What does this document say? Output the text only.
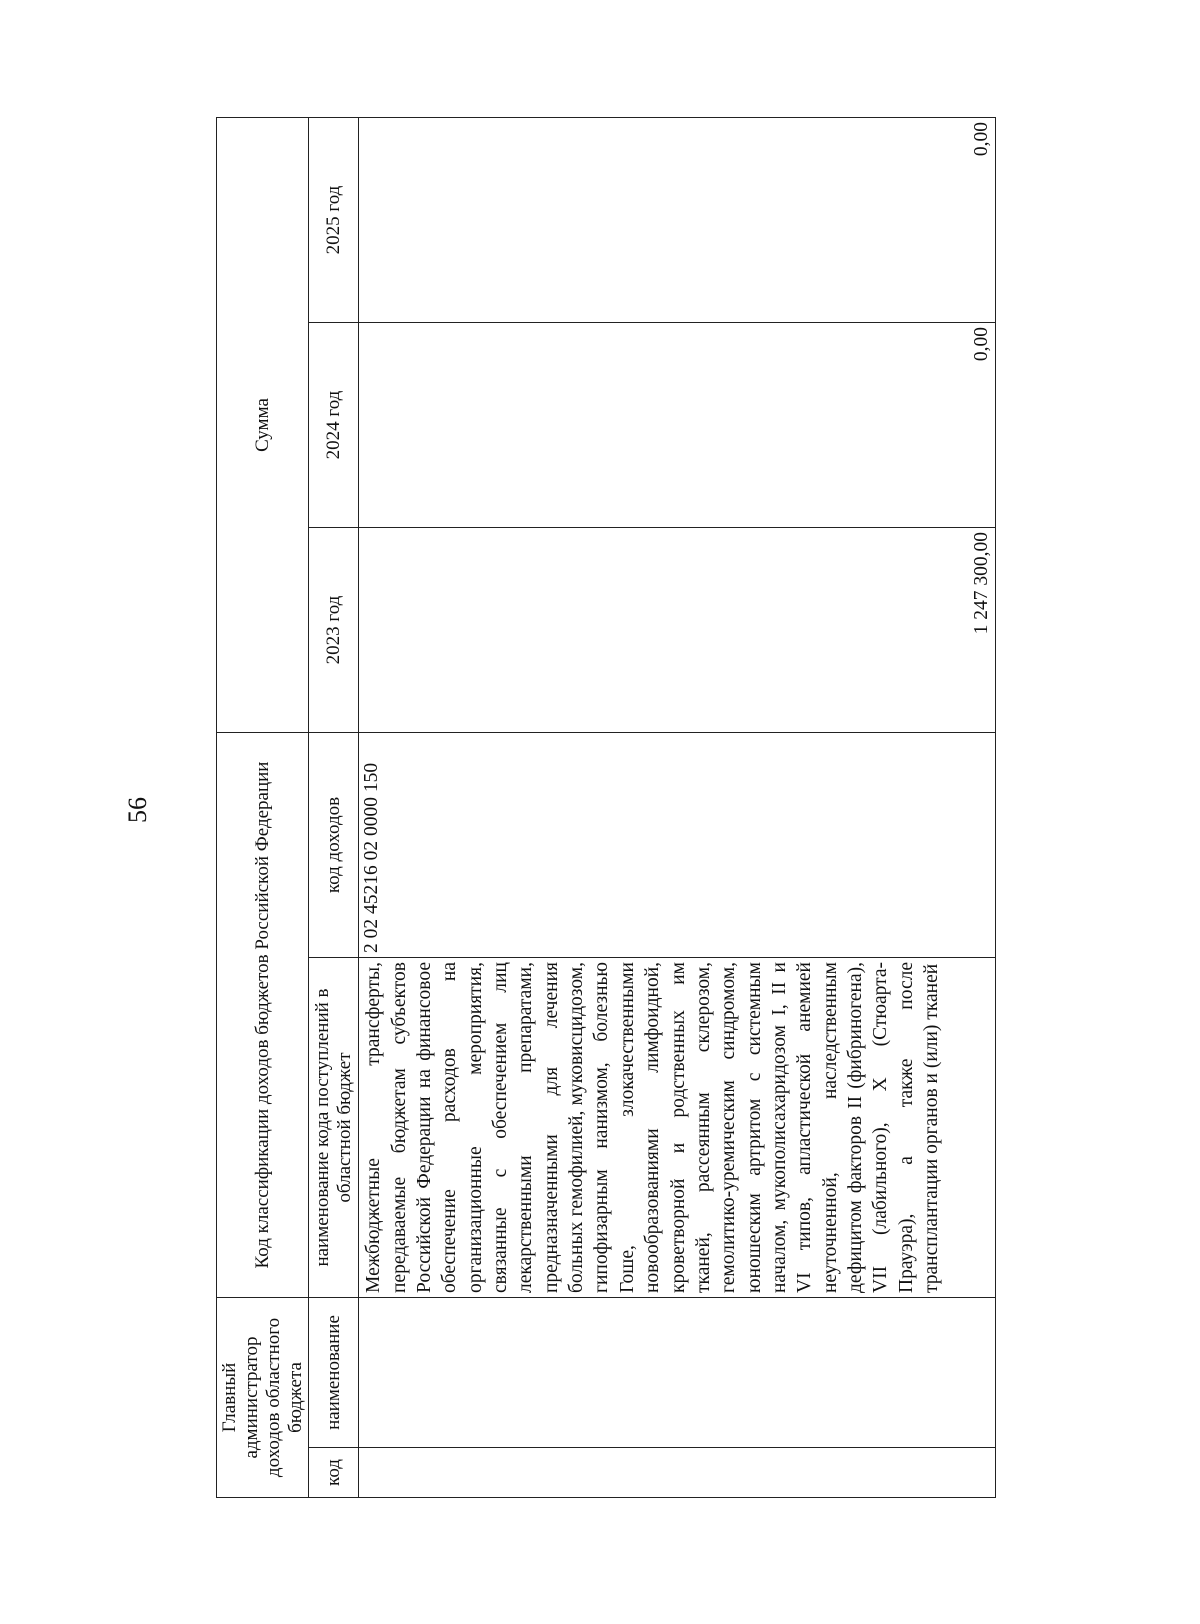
56
Главный администратор доходов областного бюджета		Код классификации доходов бюджетов Российской Федерации		Сумма		
код	наименование	наименование кода поступлений в областной бюджет	код доходов	2023 год	2024 год	2025 год
		Межбюджетные трансферты, передаваемые бюджетам субъектов Российской Федерации на финансовое обеспечение расходов на организационные мероприятия, связанные с обеспечением лиц лекарственными препаратами, предназначенными для лечения больных гемофилией, муковисцидозом, гипофизарным нанизмом, болезнью Гоше, злокачественными новообразованиями лимфоидной, кроветворной и родственных им тканей, рассеянным склерозом, гемолитико-уремическим синдромом, юношеским артритом с системным началом, мукополисахаридозом I, II и VI типов, апластической анемией неуточненной, наследственным дефицитом факторов II (фибриногена), VII (лабильного), X (Стюарта-Прауэра), а также после трансплантации органов и (или) тканей	2 02 45216 02 0000 150	1 247 300,00	0,00	0,00
